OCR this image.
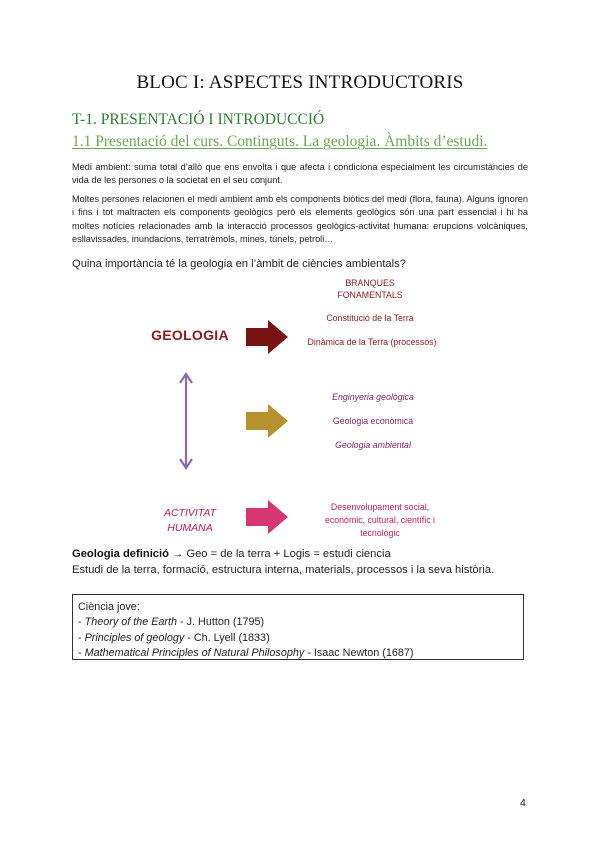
BLOC I: ASPECTES INTRODUCTORIS
T-1. PRESENTACIÓ I INTRODUCCIÓ
1.1 Presentació del curs. Continguts. La geologia. Àmbits d’estudi.
Medi ambient: suma total d’allò que ens envolta i que afecta i condiciona especialment les circumstàncies de vida de les persones o la societat en el seu conjunt.
Moltes persones relacionen el medi ambient amb els components biòtics del medi (flora, fauna). Alguns ignoren i fins i tot maltracten els components geològics però els elements geològics són una part essencial i hi ha moltes notícies relacionades amb la interacció processos geològics-activitat humana: erupcions volcàniques, esllavissades, inundacions, terratrèmols, mines, túnels, petroli…
Quina importància té la geologia en l’àmbit de ciències ambientals?
BRANQUES
FONAMENTALS
GEOLOGIA
Constitució de la Terra
Dinàmica de la Terra (processos)
Enginyeria geològica
Geologia econòmica
Geologia ambiental
ACTIVITAT
HUMANA
Desenvolupament social,
econòmic, cultural, científic i
tecnològic
Geologia definició → Geo = de la terra + Logis = estudi ciencia
Estudi de la terra, formació, estructura interna, materials, processos i la seva història.
Ciència jove:
- Theory of the Earth - J. Hutton (1795)
- Principles of geology - Ch. Lyell (1833)
- Mathematical Principles of Natural Philosophy - Isaac Newton (1687)
4
